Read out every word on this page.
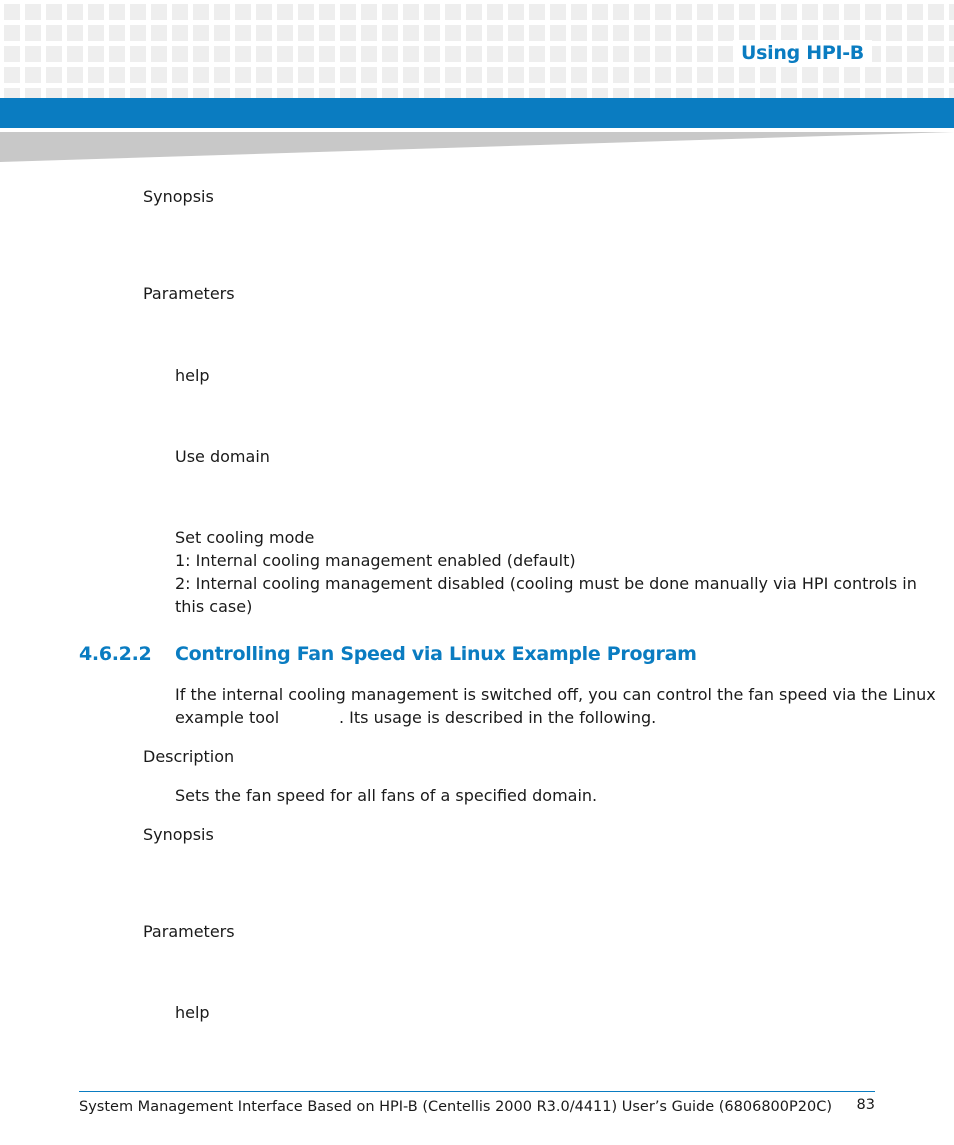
Using HPI-B
Synopsis
Parameters
help
Use domain
Set cooling mode
1: Internal cooling management enabled (default)
2: Internal cooling management disabled (cooling must be done manually via HPI controls in
this case)
4.6.2.2 Controlling Fan Speed via Linux Example Program
If the internal cooling management is switched off, you can control the fan speed via the Linux
example tool	. Its usage is described in the following.
Description
Sets the fan speed for all fans of a specified domain.
Synopsis
Parameters
help
System Management Interface Based on HPI-B (Centellis 2000 R3.0/4411) User’s Guide (6806800P20C) 83
